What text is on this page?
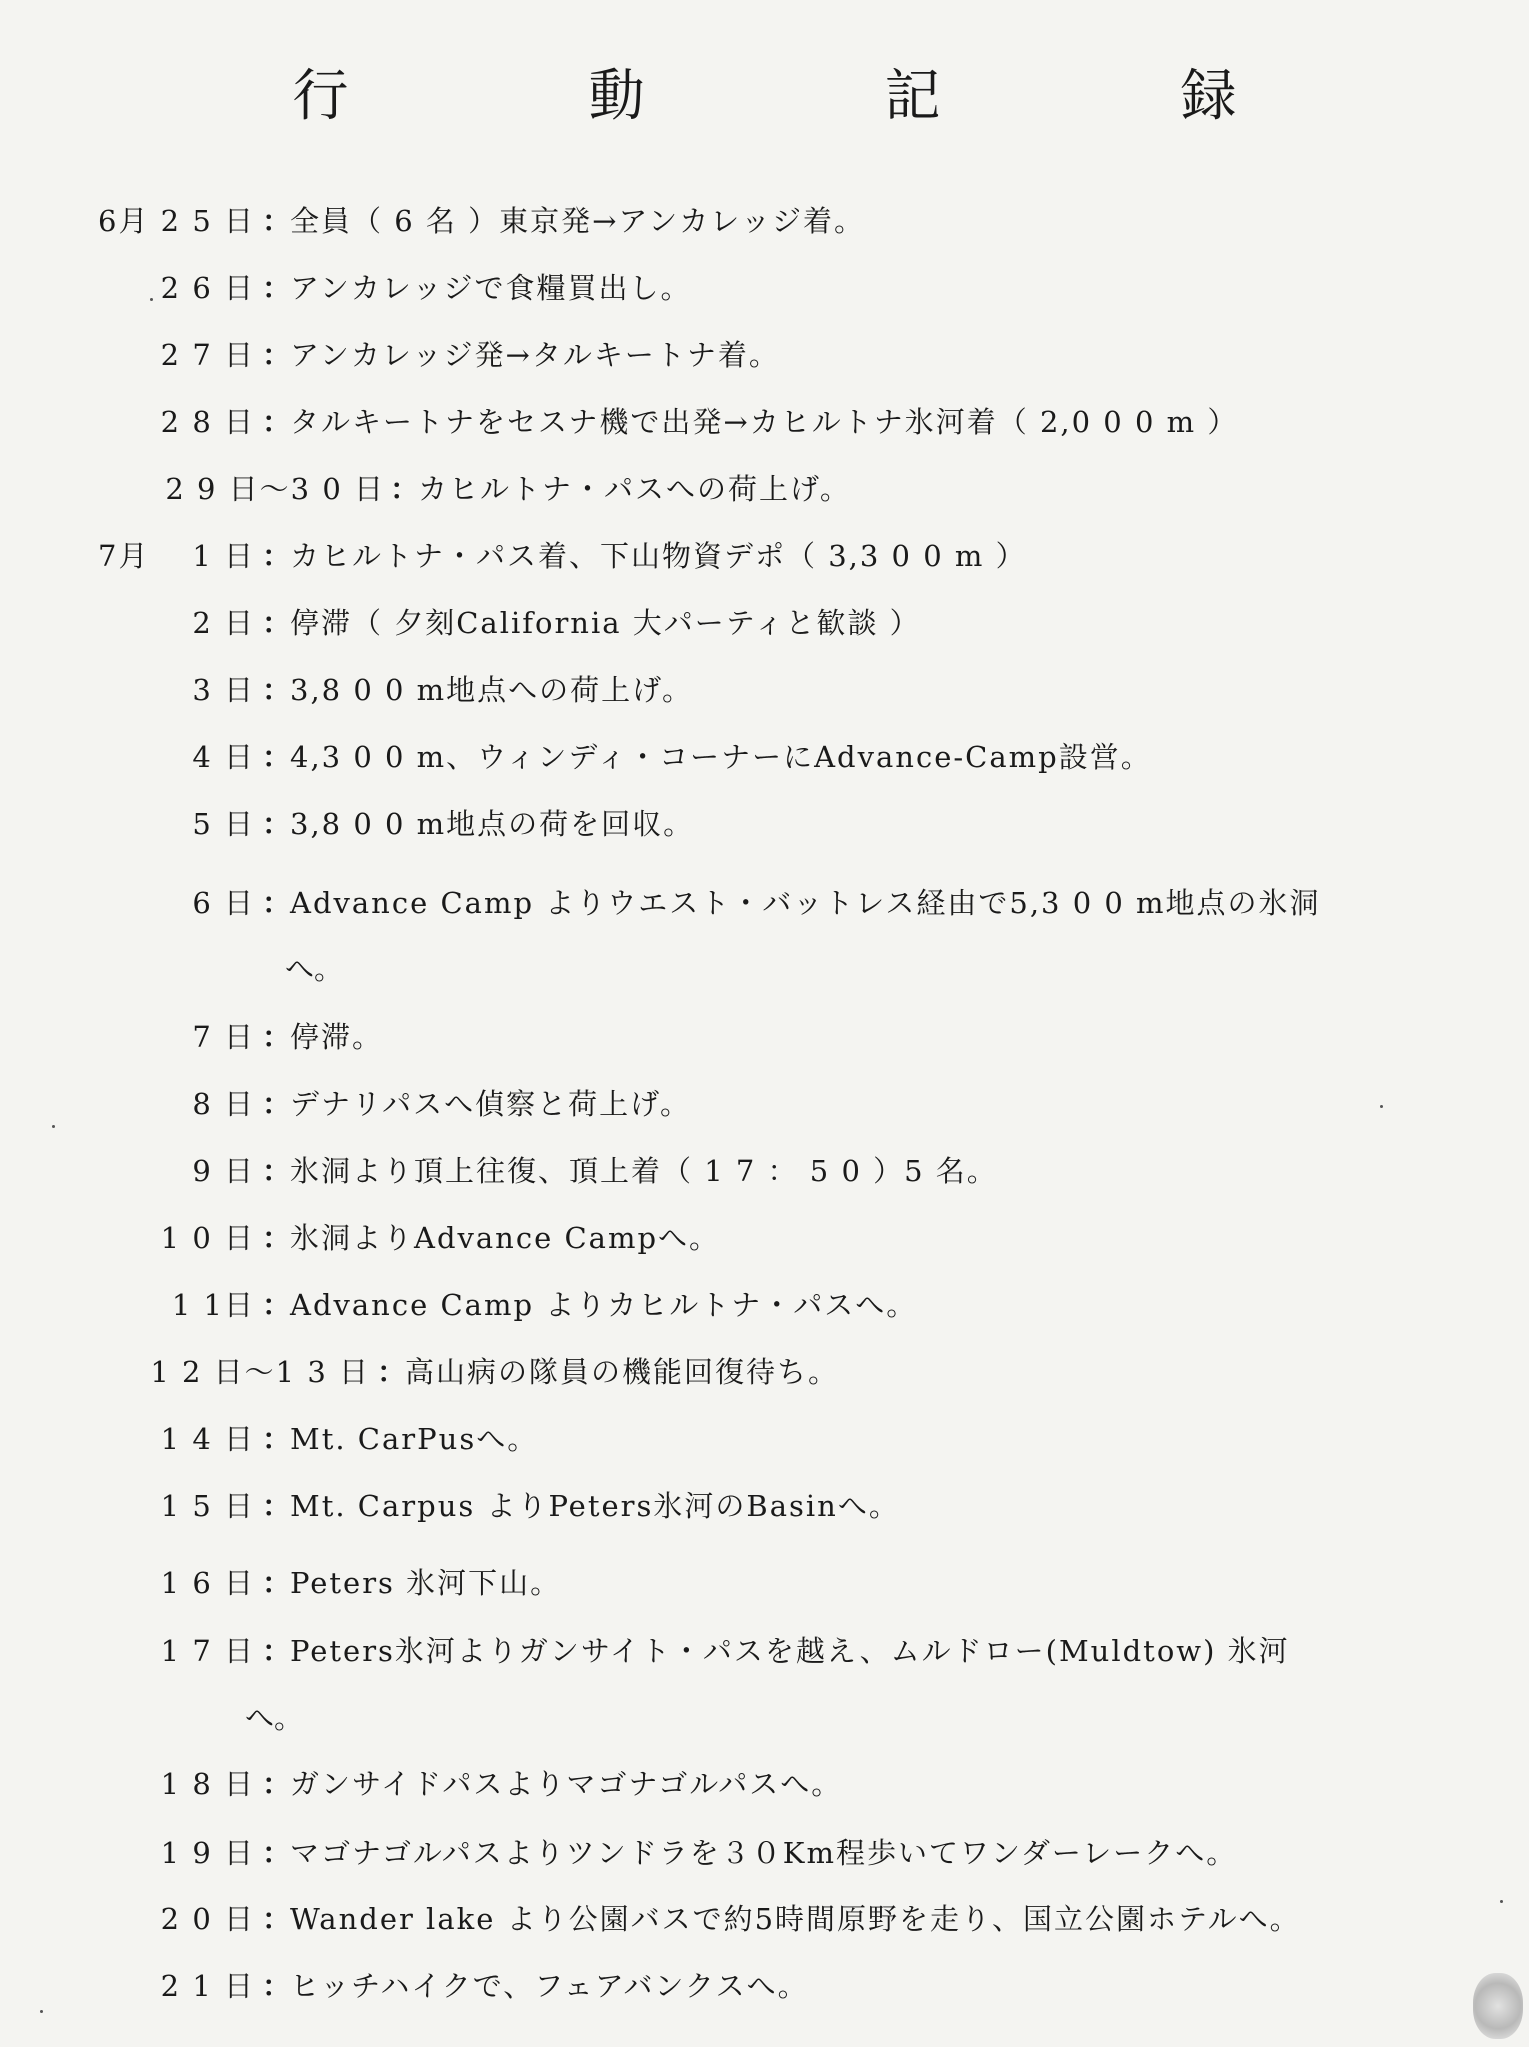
行　動　記　録
6月 2 5 日 ：
全員（ 6 名 ）東京発→アンカレッジ着。
2 6 日 ：
アンカレッジで食糧買出し。
2 7 日 ：
アンカレッジ発→タルキートナ着。
2 8 日 ：
タルキートナをセスナ機で出発→カヒルトナ氷河着（ 2,0 0 0 m ）
2 9 日～3 0 日 ：
カヒルトナ・パスへの荷上げ。
7月	1 日 ：
カヒルトナ・パス着、下山物資デポ（ 3,3 0 0 m ）
2 日 ：
停滞（ 夕刻California 大パーティと歓談 ）
3 日 ：
3,8 0 0 m地点への荷上げ。
4 日 ：
4,3 0 0 m、ウィンディ・コーナーにAdvance-Camp設営。
5 日 ：
3,8 0 0 m地点の荷を回収。
6 日 ：
Advance Camp よりウエスト・バットレス経由で5,3 0 0 m地点の氷洞
へ。
7 日 ：
停滞。
8 日 ：
デナリパスへ偵察と荷上げ。
9 日 ：
氷洞より頂上往復、頂上着（ 1 7 ： 5 0 ）5 名。
1 0 日 ：
氷洞よりAdvance Campへ。
1 1日 ：
Advance Camp よりカヒルトナ・パスへ。
1 2 日～1 3 日 ：
高山病の隊員の機能回復待ち。
1 4 日 ：
Mt. CarPusへ。
1 5 日 ：
Mt. Carpus よりPeters氷河のBasinへ。
1 6 日 ：
Peters 氷河下山。
1 7 日 ：
Peters氷河よりガンサイト・パスを越え、ムルドロー(Muldtow) 氷河
へ。
1 8 日 ：
ガンサイドパスよりマゴナゴルパスへ。
1 9 日 ：
マゴナゴルパスよりツンドラを３０Km程歩いてワンダーレークへ。
2 0 日 ：
Wander lake より公園バスで約5時間原野を走り、国立公園ホテルへ。
2 1 日 ：
ヒッチハイクで、フェアバンクスへ。
